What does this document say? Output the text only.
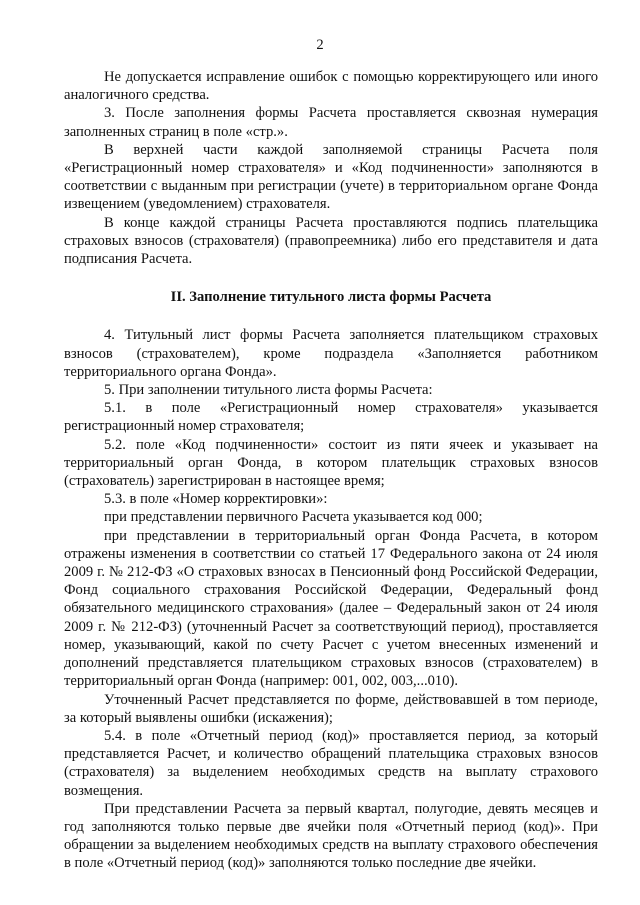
2

Не допускается исправление ошибок с помощью корректирующего или иного аналогичного средства.

3. После заполнения формы Расчета проставляется сквозная нумерация заполненных страниц в поле «стр.».

В верхней части каждой заполняемой страницы Расчета поля «Регистрационный номер страхователя» и «Код подчиненности» заполняются в соответствии с выданным при регистрации (учете) в территориальном органе Фонда извещением (уведомлением) страхователя.

В конце каждой страницы Расчета проставляются подпись плательщика страховых взносов (страхователя) (правопреемника) либо его представителя и дата подписания Расчета.

II. Заполнение титульного листа формы Расчета

4. Титульный лист формы Расчета заполняется плательщиком страховых взносов (страхователем), кроме подраздела «Заполняется работником территориального органа Фонда».

5. При заполнении титульного листа формы Расчета:

5.1. в поле «Регистрационный номер страхователя» указывается регистрационный номер страхователя;

5.2. поле «Код подчиненности» состоит из пяти ячеек и указывает на территориальный орган Фонда, в котором плательщик страховых взносов (страхователь) зарегистрирован в настоящее время;

5.3. в поле «Номер корректировки»:

при представлении первичного Расчета указывается код 000;

при представлении в территориальный орган Фонда Расчета, в котором отражены изменения в соответствии со статьей 17 Федерального закона от 24 июля 2009 г. № 212-ФЗ «О страховых взносах в Пенсионный фонд Российской Федерации, Фонд социального страхования Российской Федерации, Федеральный фонд обязательного медицинского страхования» (далее – Федеральный закон от 24 июля 2009 г. № 212-ФЗ) (уточненный Расчет за соответствующий период), проставляется номер, указывающий, какой по счету Расчет с учетом внесенных изменений и дополнений представляется плательщиком страховых взносов (страхователем) в территориальный орган Фонда (например: 001, 002, 003,...010).

Уточненный Расчет представляется по форме, действовавшей в том периоде, за который выявлены ошибки (искажения);

5.4. в поле «Отчетный период (код)» проставляется период, за который представляется Расчет, и количество обращений плательщика страховых взносов (страхователя) за выделением необходимых средств на выплату страхового возмещения.

При представлении Расчета за первый квартал, полугодие, девять месяцев и год заполняются только первые две ячейки поля «Отчетный период (код)». При обращении за выделением необходимых средств на выплату страхового обеспечения в поле «Отчетный период (код)» заполняются только последние две ячейки.
